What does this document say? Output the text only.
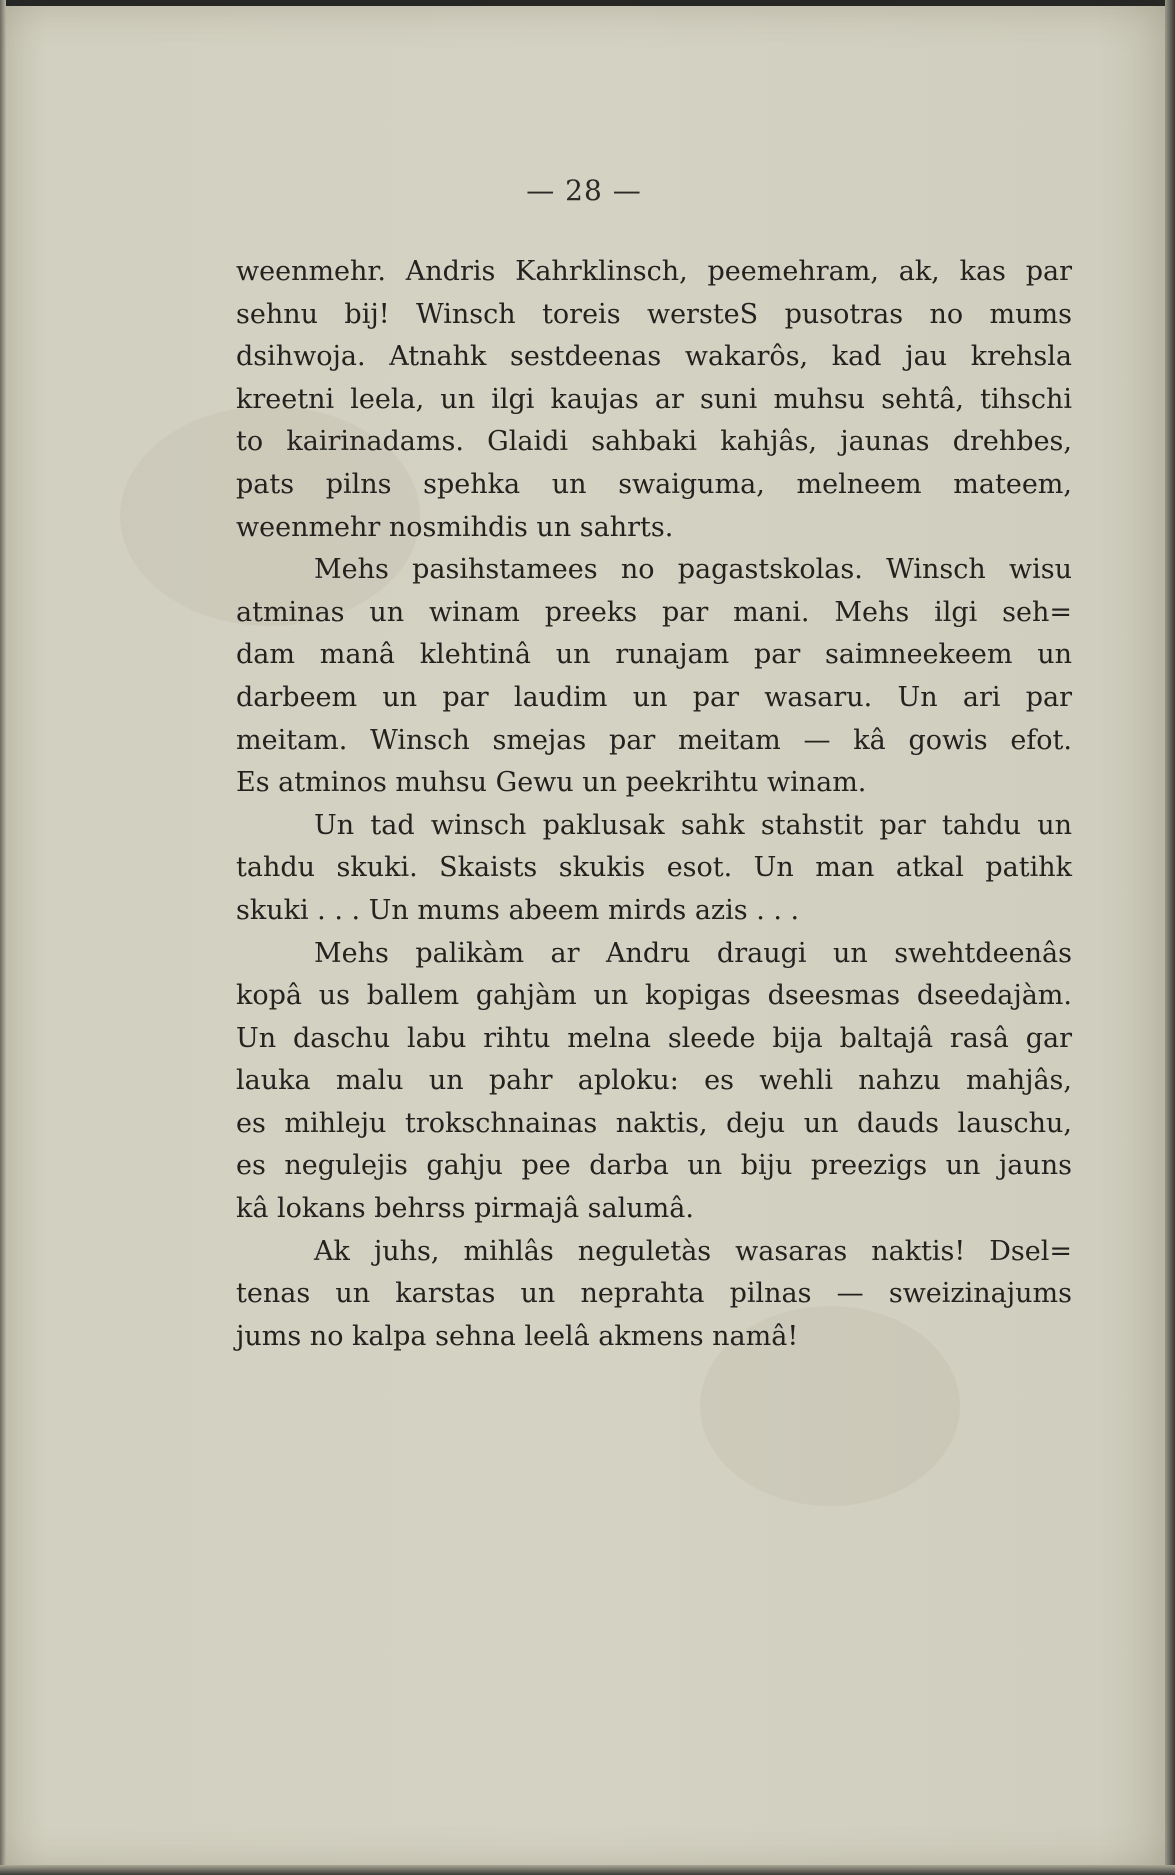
— 28 —

weenmehr. Andris Kahrklinsch, peemehram, ak, kas par
sehnu bij! Winsch toreis wersteS pusotras no mums
dsihwoja. Atnahk sestdeenas wakarôs, kad jau krehsla
kreetni leela, un ilgi kaujas ar suni muhsu sehtâ, tihschi
to kairinadams. Glaidi sahbaki kahjâs, jaunas drehbes,
pats pilns spehka un swaiguma, melneem mateem,
weenmehr nosmihdis un sahrts.

Mehs pasihstamees no pagastskolas. Winsch wisu
atminas un winam preeks par mani. Mehs ilgi seh=
dam manâ klehtinâ un runajam par saimneekeem un
darbeem un par laudim un par wasaru. Un ari par
meitam. Winsch smejas par meitam — kâ gowis efot.
Es atminos muhsu Gewu un peekrihtu winam.

Un tad winsch paklusak sahk stahstit par tahdu un
tahdu skuki. Skaists skukis esot. Un man atkal patihk
skuki . . . Un mums abeem mirds azis . . .

Mehs palikàm ar Andru draugi un swehtdeenâs
kopâ us ballem gahjàm un kopigas dseesmas dseedajàm.
Un daschu labu rihtu melna sleede bija baltajâ rasâ gar
lauka malu un pahr aploku: es wehli nahzu mahjâs,
es mihleju trokschnainas naktis, deju un dauds lauschu,
es negulejis gahju pee darba un biju preezigs un jauns
kâ lokans behrss pirmajâ salumâ.

Ak juhs, mihlâs neguletàs wasaras naktis! Dsel=
tenas un karstas un neprahta pilnas — sweizinajums
jums no kalpa sehna leelâ akmens namâ!
